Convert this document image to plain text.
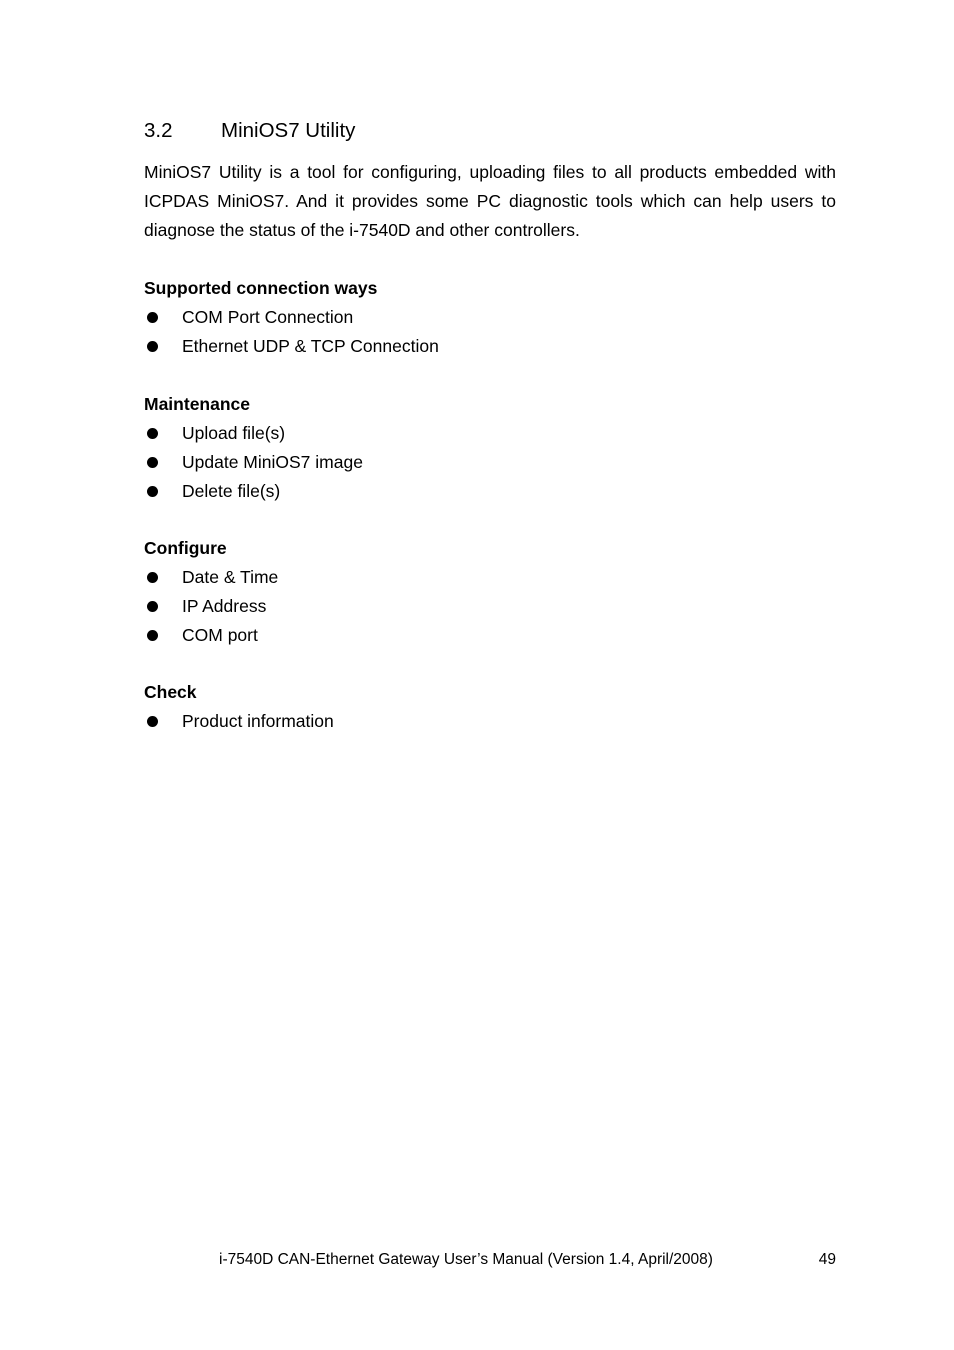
3.2 MiniOS7 Utility

MiniOS7 Utility is a tool for configuring, uploading files to all products embedded with ICPDAS MiniOS7. And it provides some PC diagnostic tools which can help users to diagnose the status of the i-7540D and other controllers.

Supported connection ways
COM Port Connection
Ethernet UDP & TCP Connection
Maintenance
Upload file(s)
Update MiniOS7 image
Delete file(s)
Configure
Date & Time
IP Address
COM port
Check
Product information
i-7540D CAN-Ethernet Gateway User’s Manual (Version 1.4, April/2008)	49
